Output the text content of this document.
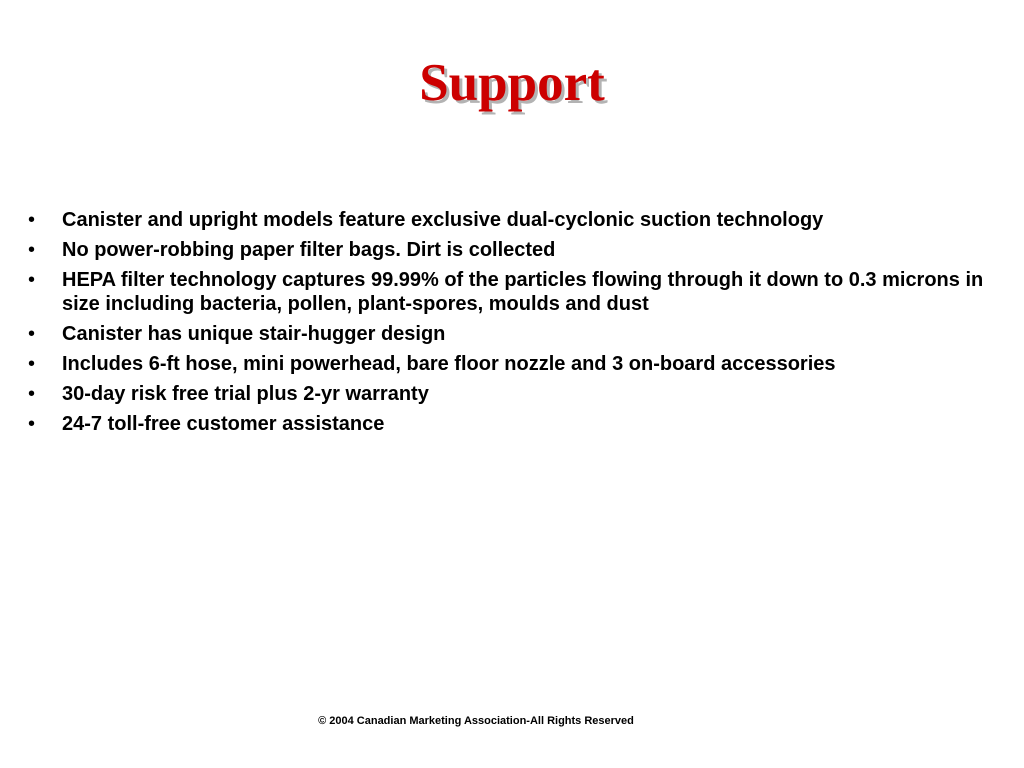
Support
• Canister and upright models feature exclusive dual-cyclonic suction technology
• No power-robbing paper filter bags. Dirt is collected
• HEPA filter technology captures 99.99% of the particles flowing through it down to 0.3 microns in size including bacteria, pollen, plant-spores, moulds and dust
• Canister has unique stair-hugger design
• Includes 6-ft hose, mini powerhead, bare floor nozzle and 3 on-board accessories
• 30-day risk free trial plus 2-yr warranty
• 24-7 toll-free customer assistance
© 2004 Canadian Marketing Association-All Rights Reserved
